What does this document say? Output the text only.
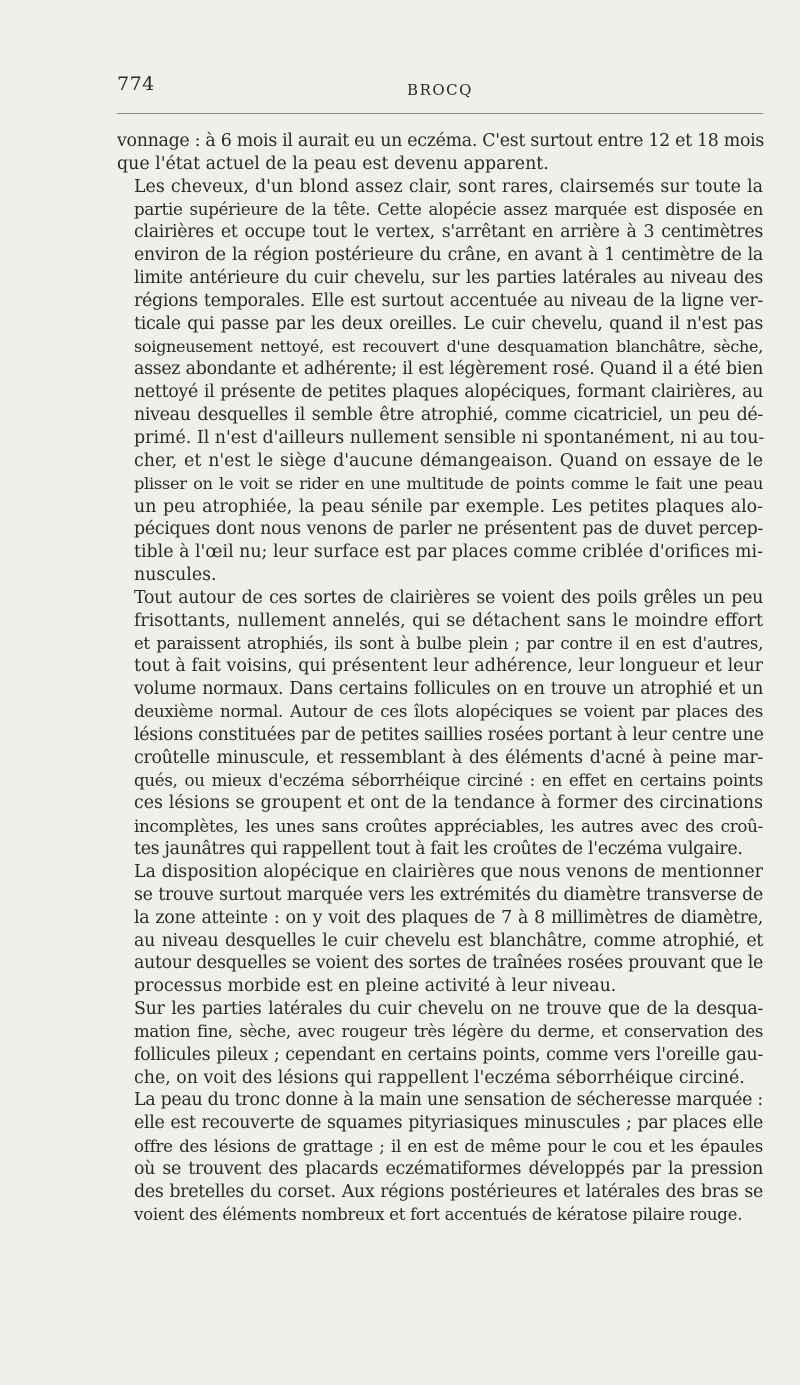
774	BROCQ

vonnage : à 6 mois il aurait eu un eczéma. C'est surtout entre 12 et 18 mois
que l'état actuel de la peau est devenu apparent.

Les cheveux, d'un blond assez clair, sont rares, clairsemés sur toute la
partie supérieure de la tête. Cette alopécie assez marquée est disposée en
clairières et occupe tout le vertex, s'arrêtant en arrière à 3 centimètres
environ de la région postérieure du crâne, en avant à 1 centimètre de la
limite antérieure du cuir chevelu, sur les parties latérales au niveau des
régions temporales. Elle est surtout accentuée au niveau de la ligne ver-
ticale qui passe par les deux oreilles. Le cuir chevelu, quand il n'est pas
soigneusement nettoyé, est recouvert d'une desquamation blanchâtre, sèche,
assez abondante et adhérente; il est légèrement rosé. Quand il a été bien
nettoyé il présente de petites plaques alopéciques, formant clairières, au
niveau desquelles il semble être atrophié, comme cicatriciel, un peu dé-
primé. Il n'est d'ailleurs nullement sensible ni spontanément, ni au tou-
cher, et n'est le siège d'aucune démangeaison. Quand on essaye de le
plisser on le voit se rider en une multitude de points comme le fait une peau
un peu atrophiée, la peau sénile par exemple. Les petites plaques alo-
péciques dont nous venons de parler ne présentent pas de duvet percep-
tible à l'œil nu; leur surface est par places comme criblée d'orifices mi-
nuscules.

Tout autour de ces sortes de clairières se voient des poils grêles un peu
frisottants, nullement annelés, qui se détachent sans le moindre effort
et paraissent atrophiés, ils sont à bulbe plein ; par contre il en est d'autres,
tout à fait voisins, qui présentent leur adhérence, leur longueur et leur
volume normaux. Dans certains follicules on en trouve un atrophié et un
deuxième normal. Autour de ces îlots alopéciques se voient par places des
lésions constituées par de petites saillies rosées portant à leur centre une
croûtelle minuscule, et ressemblant à des éléments d'acné à peine mar-
qués, ou mieux d'eczéma séborrhéique circiné : en effet en certains points
ces lésions se groupent et ont de la tendance à former des circinations
incomplètes, les unes sans croûtes appréciables, les autres avec des croû-
tes jaunâtres qui rappellent tout à fait les croûtes de l'eczéma vulgaire.

La disposition alopécique en clairières que nous venons de mentionner
se trouve surtout marquée vers les extrémités du diamètre transverse de
la zone atteinte : on y voit des plaques de 7 à 8 millimètres de diamètre,
au niveau desquelles le cuir chevelu est blanchâtre, comme atrophié, et
autour desquelles se voient des sortes de traînées rosées prouvant que le
processus morbide est en pleine activité à leur niveau.

Sur les parties latérales du cuir chevelu on ne trouve que de la desqua-
mation fine, sèche, avec rougeur très légère du derme, et conservation des
follicules pileux ; cependant en certains points, comme vers l'oreille gau-
che, on voit des lésions qui rappellent l'eczéma séborrhéique circiné.

La peau du tronc donne à la main une sensation de sécheresse marquée :
elle est recouverte de squames pityriasiques minuscules ; par places elle
offre des lésions de grattage ; il en est de même pour le cou et les épaules
où se trouvent des placards eczématiformes développés par la pression
des bretelles du corset. Aux régions postérieures et latérales des bras se
voient des éléments nombreux et fort accentués de kératose pilaire rouge.
